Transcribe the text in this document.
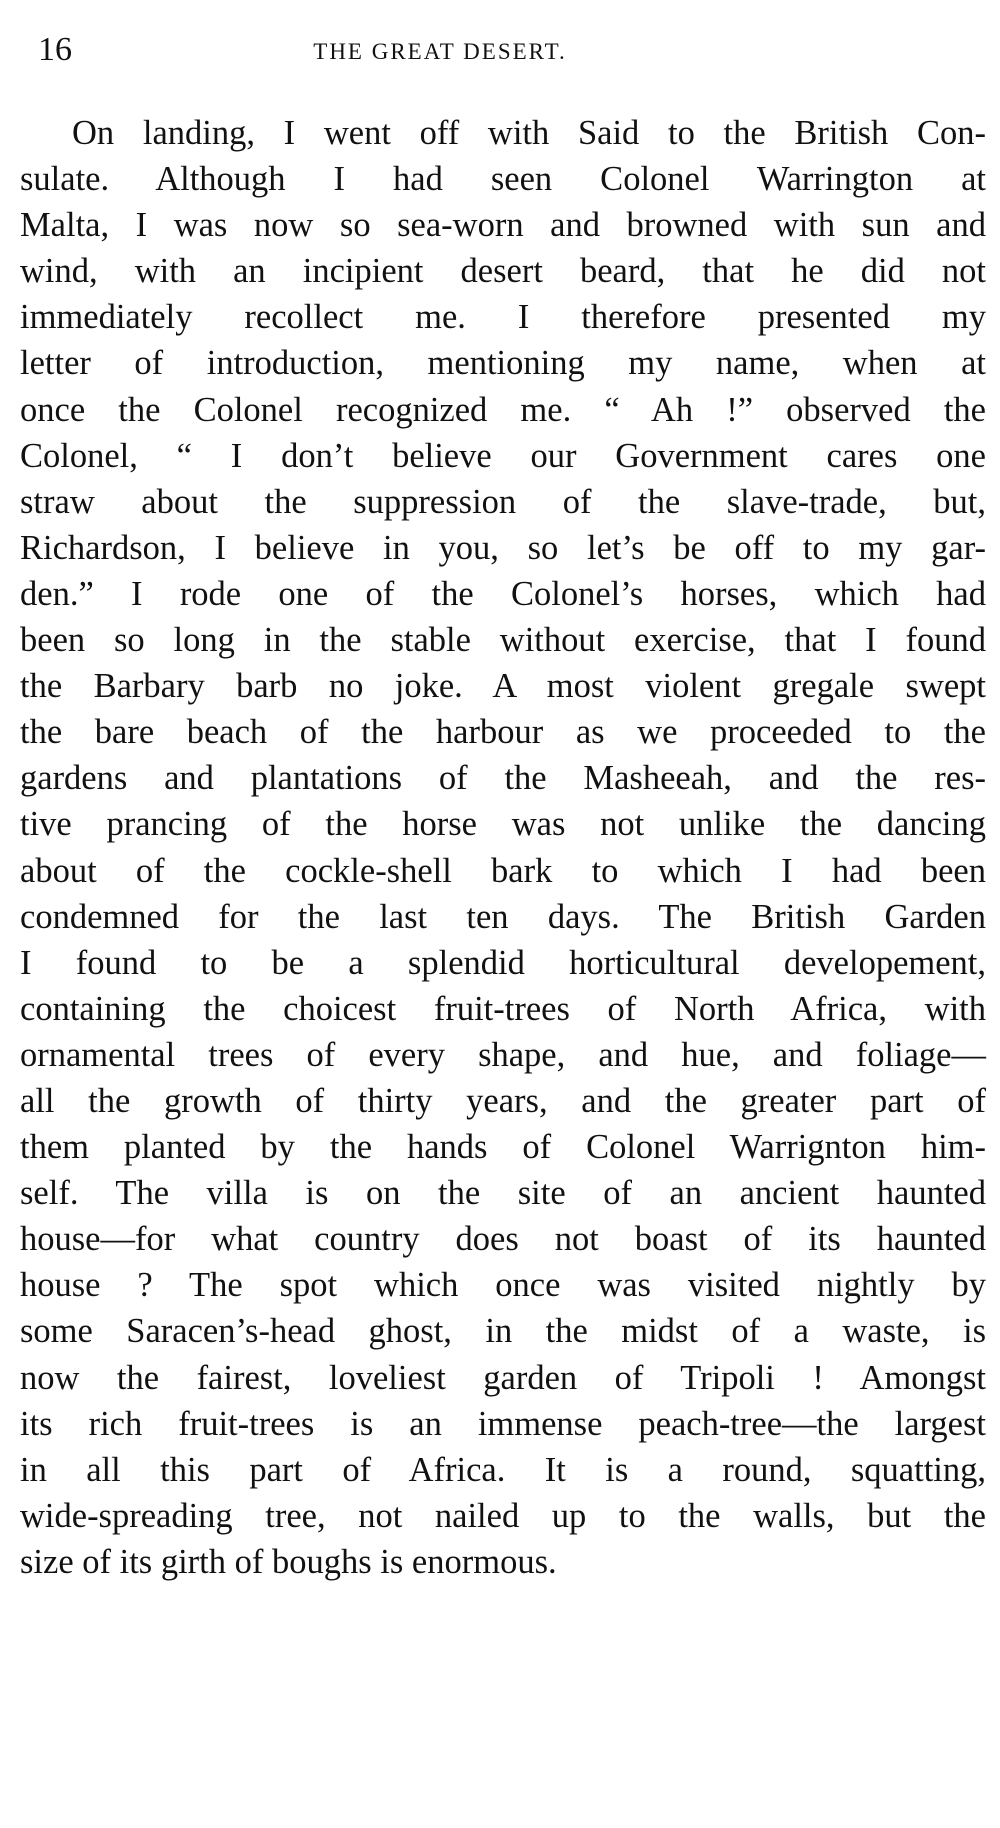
16	THE GREAT DESERT.
On landing, I went off with Said to the British Con-
sulate. Although I had seen Colonel Warrington at
Malta, I was now so sea-worn and browned with sun and
wind, with an incipient desert beard, that he did not
immediately recollect me. I therefore presented my
letter of introduction, mentioning my name, when at
once the Colonel recognized me. “ Ah !” observed the
Colonel, “ I don’t believe our Government cares one
straw about the suppression of the slave-trade, but,
Richardson, I believe in you, so let’s be off to my gar-
den.” I rode one of the Colonel’s horses, which had
been so long in the stable without exercise, that I found
the Barbary barb no joke. A most violent gregale swept
the bare beach of the harbour as we proceeded to the
gardens and plantations of the Masheeah, and the res-
tive prancing of the horse was not unlike the dancing
about of the cockle-shell bark to which I had been
condemned for the last ten days. The British Garden
I found to be a splendid horticultural developement,
containing the choicest fruit-trees of North Africa, with
ornamental trees of every shape, and hue, and foliage—
all the growth of thirty years, and the greater part of
them planted by the hands of Colonel Warrignton him-
self. The villa is on the site of an ancient haunted
house—for what country does not boast of its haunted
house ? The spot which once was visited nightly by
some Saracen’s-head ghost, in the midst of a waste, is
now the fairest, loveliest garden of Tripoli ! Amongst
its rich fruit-trees is an immense peach-tree—the largest
in all this part of Africa. It is a round, squatting,
wide-spreading tree, not nailed up to the walls, but the
size of its girth of boughs is enormous.
